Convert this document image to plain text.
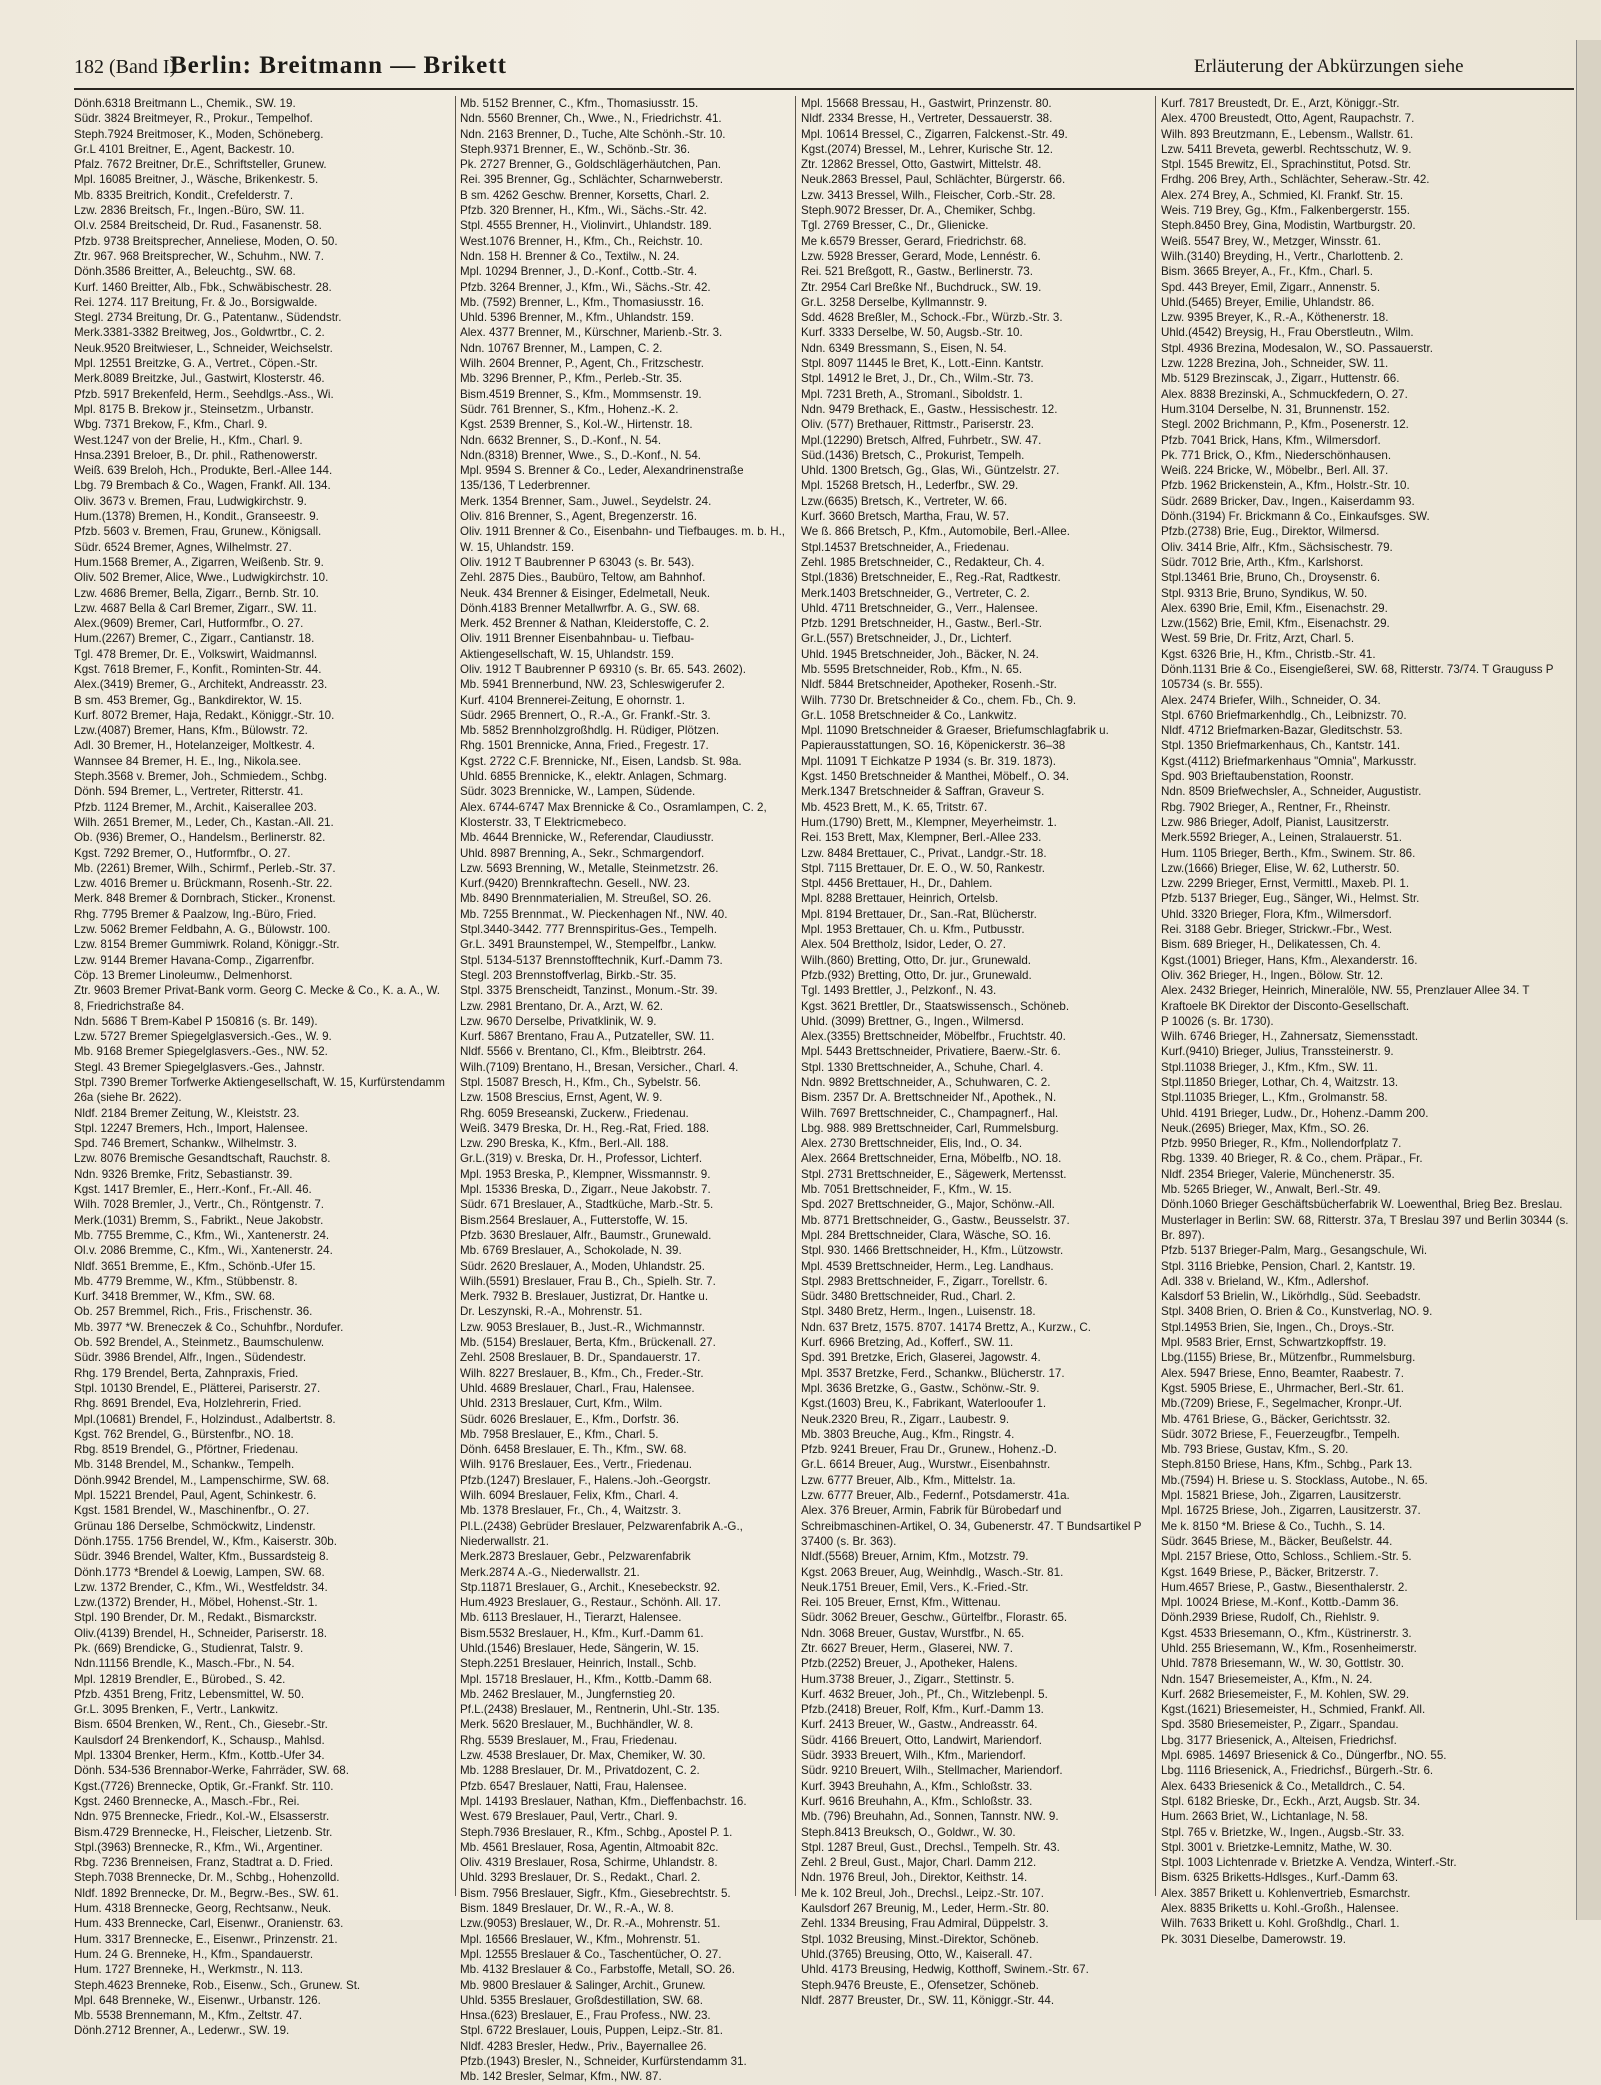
182 (Band I)
Berlin: Breitmann — Brikett	Erläuterung der Abkürzungen siehe
Dönh.6318 Breitmann L., Chemik., SW. 19.
Südr. 3824 Breitmeyer, R., Prokur., Tempelhof.
Steph.7924 Breitmoser, K., Moden, Schöneberg.
Gr.L 4101 Breitner, E., Agent, Backestr. 10.
Pfalz. 7672 Breitner, Dr.E., Schriftsteller, Grunew.
Mpl. 16085 Breitner, J., Wäsche, Brikenkestr. 5.
Mb. 8335 Breitrich, Kondit., Crefelderstr. 7.
Lzw. 2836 Breitsch, Fr., Ingen.-Büro, SW. 11.
Ol.v. 2584 Breitscheid, Dr. Rud., Fasanenstr. 58.
Pfzb. 9738 Breitsprecher, Anneliese, Moden, O. 50.
Ztr. 967. 968 Breitsprecher, W., Schuhm., NW. 7.
Dönh.3586 Breitter, A., Beleuchtg., SW. 68.
Kurf. 1460 Breitter, Alb., Fbk., Schwäbischestr. 28.
Rei. 1274. 117 Breitung, Fr. & Jo., Borsigwalde.
Stegl. 2734 Breitung, Dr. G., Patentanw., Südendstr.
Merk.3381-3382 Breitweg, Jos., Goldwrtbr., C. 2.
Neuk.9520 Breitwieser, L., Schneider, Weichselstr.
Mpl. 12551 Breitzke, G. A., Vertret., Cöpen.-Str.
Merk.8089 Breitzke, Jul., Gastwirt, Klosterstr. 46.
Pfzb. 5917 Brekenfeld, Herm., Seehdlgs.-Ass., Wi.
Mpl. 8175 B. Brekow jr., Steinsetzm., Urbanstr.
Wbg. 7371 Brekow, F., Kfm., Charl. 9.
West.1247 von der Brelie, H., Kfm., Charl. 9.
Hnsa.2391 Breloer, B., Dr. phil., Rathenowerstr.
Weiß. 639 Breloh, Hch., Produkte, Berl.-Allee 144.
Lbg. 79 Brembach & Co., Wagen, Frankf. All. 134.
Oliv. 3673 v. Bremen, Frau, Ludwigkirchstr. 9.
Hum.(1378) Bremen, H., Kondit., Granseestr. 9.
Pfzb. 5603 v. Bremen, Frau, Grunew., Königsall.
Südr. 6524 Bremer, Agnes, Wilhelmstr. 27.
Hum.1568 Bremer, A., Zigarren, Weißenb. Str. 9.
Oliv. 502 Bremer, Alice, Wwe., Ludwigkirchstr. 10.
Lzw. 4686 Bremer, Bella, Zigarr., Bernb. Str. 10.
Lzw. 4687 Bella & Carl Bremer, Zigarr., SW. 11.
Alex.(9609) Bremer, Carl, Hutformfbr., O. 27.
Hum.(2267) Bremer, C., Zigarr., Cantianstr. 18.
Tgl. 478 Bremer, Dr. E., Volkswirt, Waidmannsl.
Kgst. 7618 Bremer, F., Konfit., Rominten-Str. 44.
Alex.(3419) Bremer, G., Architekt, Andreasstr. 23.
B sm. 453 Bremer, Gg., Bankdirektor, W. 15.
Kurf. 8072 Bremer, Haja, Redakt., Königgr.-Str. 10.
Lzw.(4087) Bremer, Hans, Kfm., Bülowstr. 72.
Adl. 30 Bremer, H., Hotelanzeiger, Moltkestr. 4.
Wannsee 84 Bremer, H. E., Ing., Nikola.see.
Steph.3568 v. Bremer, Joh., Schmiedem., Schbg.
Dönh. 594 Bremer, L., Vertreter, Ritterstr. 41.
Pfzb. 1124 Bremer, M., Archit., Kaiserallee 203.
Wilh. 2651 Bremer, M., Leder, Ch., Kastan.-All. 21.
Ob. (936) Bremer, O., Handelsm., Berlinerstr. 82.
Kgst. 7292 Bremer, O., Hutformfbr., O. 27.
Mb. (2261) Bremer, Wilh., Schirmf., Perleb.-Str. 37.
Lzw. 4016 Bremer u. Brückmann, Rosenh.-Str. 22.
Merk. 848 Bremer & Dornbrach, Sticker., Kronenst.
Rhg. 7795 Bremer & Paalzow, Ing.-Büro, Fried.
Lzw. 5062 Bremer Feldbahn, A. G., Bülowstr. 100.
Lzw. 8154 Bremer Gummiwrk. Roland, Königgr.-Str.
Lzw. 9144 Bremer Havana-Comp., Zigarrenfbr.
Cöp. 13 Bremer Linoleumw., Delmenhorst.
Ztr. 9603 Bremer Privat-Bank vorm. Georg C. Mecke & Co., K. a. A., W. 8, Friedrichstraße 84.
Ndn. 5686 T Brem-Kabel P 150816 (s. Br. 149).
Lzw. 5727 Bremer Spiegelglasversich.-Ges., W. 9.
Mb. 9168 Bremer Spiegelglasvers.-Ges., NW. 52.
Stegl. 43 Bremer Spiegelglasvers.-Ges., Jahnstr.
Stpl. 7390 Bremer Torfwerke Aktiengesellschaft, W. 15, Kurfürstendamm 26a (siehe Br. 2622).
Nldf. 2184 Bremer Zeitung, W., Kleiststr. 23.
Stpl. 12247 Bremers, Hch., Import, Halensee.
Spd. 746 Bremert, Schankw., Wilhelmstr. 3.
Lzw. 8076 Bremische Gesandtschaft, Rauchstr. 8.
Ndn. 9326 Bremke, Fritz, Sebastianstr. 39.
Kgst. 1417 Bremler, E., Herr.-Konf., Fr.-All. 46.
Wilh. 7028 Bremler, J., Vertr., Ch., Röntgenstr. 7.
Merk.(1031) Bremm, S., Fabrikt., Neue Jakobstr.
Mb. 7755 Bremme, C., Kfm., Wi., Xantenerstr. 24.
Ol.v. 2086 Bremme, C., Kfm., Wi., Xantenerstr. 24.
Nldf. 3651 Bremme, E., Kfm., Schönb.-Ufer 15.
Mb. 4779 Bremme, W., Kfm., Stübbenstr. 8.
Kurf. 3418 Bremmer, W., Kfm., SW. 68.
Ob. 257 Bremmel, Rich., Fris., Frischenstr. 36.
Mb. 3977 *W. Breneczek & Co., Schuhfbr., Nordufer.
Ob. 592 Brendel, A., Steinmetz., Baumschulenw.
Südr. 3986 Brendel, Alfr., Ingen., Südendestr.
Rhg. 179 Brendel, Berta, Zahnpraxis, Fried.
Stpl. 10130 Brendel, E., Plätterei, Pariserstr. 27.
Rhg. 8691 Brendel, Eva, Holzlehrerin, Fried.
Mpl.(10681) Brendel, F., Holzindust., Adalbertstr. 8.
Kgst. 762 Brendel, G., Bürstenfbr., NO. 18.
Rbg. 8519 Brendel, G., Pförtner, Friedenau.
Mb. 3148 Brendel, M., Schankw., Tempelh.
Dönh.9942 Brendel, M., Lampenschirme, SW. 68.
Mpl. 15221 Brendel, Paul, Agent, Schinkestr. 6.
Kgst. 1581 Brendel, W., Maschinenfbr., O. 27.
Grünau 186 Derselbe, Schmöckwitz, Lindenstr.
Dönh.1755. 1756 Brendel, W., Kfm., Kaiserstr. 30b.
Südr. 3946 Brendel, Walter, Kfm., Bussardsteig 8.
Dönh.1773 *Brendel & Loewig, Lampen, SW. 68.
Lzw. 1372 Brender, C., Kfm., Wi., Westfeldstr. 34.
Lzw.(1372) Brender, H., Möbel, Hohenst.-Str. 1.
Stpl. 190 Brender, Dr. M., Redakt., Bismarckstr.
Oliv.(4139) Brendel, H., Schneider, Pariserstr. 18.
Pk. (669) Brendicke, G., Studienrat, Talstr. 9.
Ndn.11156 Brendle, K., Masch.-Fbr., N. 54.
Mpl. 12819 Brendler, E., Bürobed., S. 42.
Pfzb. 4351 Breng, Fritz, Lebensmittel, W. 50.
Gr.L. 3095 Brenken, F., Vertr., Lankwitz.
Bism. 6504 Brenken, W., Rent., Ch., Giesebr.-Str.
Kaulsdorf 24 Brenkendorf, K., Schausp., Mahlsd.
Mpl. 13304 Brenker, Herm., Kfm., Kottb.-Ufer 34.
Dönh. 534-536 Brennabor-Werke, Fahrräder, SW. 68.
Kgst.(7726) Brennecke, Optik, Gr.-Frankf. Str. 110.
Kgst. 2460 Brennecke, A., Masch.-Fbr., Rei.
Ndn. 975 Brennecke, Friedr., Kol.-W., Elsasserstr.
Bism.4729 Brennecke, H., Fleischer, Lietzenb. Str.
Stpl.(3963) Brennecke, R., Kfm., Wi., Argentiner.
Rbg. 7236 Brenneisen, Franz, Stadtrat a. D. Fried.
Steph.7038 Brennecke, Dr. M., Schbg., Hohenzolld.
Nldf. 1892 Brennecke, Dr. M., Begrw.-Bes., SW. 61.
Hum. 4318 Brennecke, Georg, Rechtsanw., Neuk.
Hum. 433 Brennecke, Carl, Eisenwr., Oranienstr. 63.
Hum. 3317 Brennecke, E., Eisenwr., Prinzenstr. 21.
Hum. 24 G. Brenneke, H., Kfm., Spandauerstr.
Hum. 1727 Brenneke, H., Werkmstr., N. 113.
Steph.4623 Brenneke, Rob., Eisenw., Sch., Grunew. St.
Mpl. 648 Brenneke, W., Eisenwr., Urbanstr. 126.
Mb. 5538 Brennemann, M., Kfm., Zeltstr. 47.
Dönh.2712 Brenner, A., Lederwr., SW. 19.
Mb. 5152 Brenner, C., Kfm., Thomasiusstr. 15.
Ndn. 5560 Brenner, Ch., Wwe., N., Friedrichstr. 41.
Ndn. 2163 Brenner, D., Tuche, Alte Schönh.-Str. 10.
Steph.9371 Brenner, E., W., Schönb.-Str. 36.
Pk. 2727 Brenner, G., Goldschlägerhäutchen, Pan.
Rei. 395 Brenner, Gg., Schlächter, Scharnweberstr.
B sm. 4262 Geschw. Brenner, Korsetts, Charl. 2.
Pfzb. 320 Brenner, H., Kfm., Wi., Sächs.-Str. 42.
Stpl. 4555 Brenner, H., Violinvirt., Uhlandstr. 189.
West.1076 Brenner, H., Kfm., Ch., Reichstr. 10.
Ndn. 158 H. Brenner & Co., Textilw., N. 24.
Mpl. 10294 Brenner, J., D.-Konf., Cottb.-Str. 4.
Pfzb. 3264 Brenner, J., Kfm., Wi., Sächs.-Str. 42.
Mb. (7592) Brenner, L., Kfm., Thomasiusstr. 16.
Uhld. 5396 Brenner, M., Kfm., Uhlandstr. 159.
Alex. 4377 Brenner, M., Kürschner, Marienb.-Str. 3.
Ndn. 10767 Brenner, M., Lampen, C. 2.
Wilh. 2604 Brenner, P., Agent, Ch., Fritzschestr.
Mb. 3296 Brenner, P., Kfm., Perleb.-Str. 35.
Bism.4519 Brenner, S., Kfm., Mommsenstr. 19.
Südr. 761 Brenner, S., Kfm., Hohenz.-K. 2.
Kgst. 2539 Brenner, S., Kol.-W., Hirtenstr. 18.
Ndn. 6632 Brenner, S., D.-Konf., N. 54.
Ndn.(8318) Brenner, Wwe., S., D.-Konf., N. 54.
Mpl. 9594 S. Brenner & Co., Leder, Alexandrinenstraße 135/136, T Lederbrenner.
Merk. 1354 Brenner, Sam., Juwel., Seydelstr. 24.
Oliv. 816 Brenner, S., Agent, Bregenzerstr. 16.
Oliv. 1911 Brenner & Co., Eisenbahn- und Tiefbauges. m. b. H., W. 15, Uhlandstr. 159.
Oliv. 1912 T Baubrenner P 63043 (s. Br. 543).
Zehl. 2875 Dies., Baubüro, Teltow, am Bahnhof.
Neuk. 434 Brenner & Eisinger, Edelmetall, Neuk.
Dönh.4183 Brenner Metallwrfbr. A. G., SW. 68.
Merk. 452 Brenner & Nathan, Kleiderstoffe, C. 2.
Oliv. 1911 Brenner Eisenbahnbau- u. Tiefbau-Aktiengesellschaft, W. 15, Uhlandstr. 159.
Oliv. 1912 T Baubrenner P 69310 (s. Br. 65. 543. 2602).
Mb. 5941 Brennerbund, NW. 23, Schleswigerufer 2.
Kurf. 4104 Brennerei-Zeitung, E ohornstr. 1.
Südr. 2965 Brennert, O., R.-A., Gr. Frankf.-Str. 3.
Mb. 5852 Brennholzgroßhdlg. H. Rüdiger, Plötzen.
Rhg. 1501 Brennicke, Anna, Fried., Fregestr. 17.
Kgst. 2722 C.F. Brennicke, Nf., Eisen, Landsb. St. 98a.
Uhld. 6855 Brennicke, K., elektr. Anlagen, Schmarg.
Südr. 3023 Brennicke, W., Lampen, Südende.
Alex. 6744-6747 Max Brennicke & Co., Osramlampen, C. 2, Klosterstr. 33, T Elektricmebeco.
Mb. 4644 Brennicke, W., Referendar, Claudiusstr.
Uhld. 8987 Brenning, A., Sekr., Schmargendorf.
Lzw. 5693 Brenning, W., Metalle, Steinmetzstr. 26.
Kurf.(9420) Brennkraftechn. Gesell., NW. 23.
Mb. 8490 Brennmaterialien, M. Streußel, SO. 26.
Mb. 7255 Brennmat., W. Pieckenhagen Nf., NW. 40.
Stpl.3440-3442. 777 Brennspiritus-Ges., Tempelh.
Gr.L. 3491 Braunstempel, W., Stempelfbr., Lankw.
Stpl. 5134-5137 Brennstofftechnik, Kurf.-Damm 73.
Stegl. 203 Brennstoffverlag, Birkb.-Str. 35.
Stpl. 3375 Brenscheidt, Tanzinst., Monum.-Str. 39.
Lzw. 2981 Brentano, Dr. A., Arzt, W. 62.
Lzw. 9670 Derselbe, Privatklinik, W. 9.
Kurf. 5867 Brentano, Frau A., Putzateller, SW. 11.
Nldf. 5566 v. Brentano, Cl., Kfm., Bleibtrstr. 264.
Wilh.(7109) Brentano, H., Bresan, Versicher., Charl. 4.
Stpl. 15087 Bresch, H., Kfm., Ch., Sybelstr. 56.
Lzw. 1508 Brescius, Ernst, Agent, W. 9.
Rhg. 6059 Breseanski, Zuckerw., Friedenau.
Weiß. 3479 Breska, Dr. H., Reg.-Rat, Fried. 188.
Lzw. 290 Breska, K., Kfm., Berl.-All. 188.
Gr.L.(319) v. Breska, Dr. H., Professor, Lichterf.
Mpl. 1953 Breska, P., Klempner, Wissmannstr. 9.
Mpl. 15336 Breska, D., Zigarr., Neue Jakobstr. 7.
Südr. 671 Breslauer, A., Stadtküche, Marb.-Str. 5.
Bism.2564 Breslauer, A., Futterstoffe, W. 15.
Pfzb. 3630 Breslauer, Alfr., Baumstr., Grunewald.
Mb. 6769 Breslauer, A., Schokolade, N. 39.
Südr. 2620 Breslauer, A., Moden, Uhlandstr. 25.
Wilh.(5591) Breslauer, Frau B., Ch., Spielh. Str. 7.
Merk. 7932 B. Breslauer, Justizrat, Dr. Hantke u.
Dr. Leszynski, R.-A., Mohrenstr. 51.
Lzw. 9053 Breslauer, B., Just.-R., Wichmannstr.
Mb. (5154) Breslauer, Berta, Kfm., Brückenall. 27.
Zehl. 2508 Breslauer, B. Dr., Spandauerstr. 17.
Wilh. 8227 Breslauer, B., Kfm., Ch., Freder.-Str.
Uhld. 4689 Breslauer, Charl., Frau, Halensee.
Uhld. 2313 Breslauer, Curt, Kfm., Wilm.
Südr. 6026 Breslauer, E., Kfm., Dorfstr. 36.
Mb. 7958 Breslauer, E., Kfm., Charl. 5.
Dönh. 6458 Breslauer, E. Th., Kfm., SW. 68.
Wilh. 9176 Breslauer, Ees., Vertr., Friedenau.
Pfzb.(1247) Breslauer, F., Halens.-Joh.-Georgstr.
Wilh. 6094 Breslauer, Felix, Kfm., Charl. 4.
Mb. 1378 Breslauer, Fr., Ch., 4, Waitzstr. 3.
Pl.L.(2438) Gebrüder Breslauer, Pelzwarenfabrik A.-G., Niederwallstr. 21.
Merk.2873 Breslauer, Gebr., Pelzwarenfabrik
Merk.2874 A.-G., Niederwallstr. 21.
Stp.11871 Breslauer, G., Archit., Knesebeckstr. 92.
Hum.4923 Breslauer, G., Restaur., Schönh. All. 17.
Mb. 6113 Breslauer, H., Tierarzt, Halensee.
Bism.5532 Breslauer, H., Kfm., Kurf.-Damm 61.
Uhld.(1546) Breslauer, Hede, Sängerin, W. 15.
Steph.2251 Breslauer, Heinrich, Install., Schb.
Mpl. 15718 Breslauer, H., Kfm., Kottb.-Damm 68.
Mb. 2462 Breslauer, M., Jungfernstieg 20.
Pf.L.(2438) Breslauer, M., Rentnerin, Uhl.-Str. 135.
Merk. 5620 Breslauer, M., Buchhändler, W. 8.
Rhg. 5539 Breslauer, M., Frau, Friedenau.
Lzw. 4538 Breslauer, Dr. Max, Chemiker, W. 30.
Mb. 1288 Breslauer, Dr. M., Privatdozent, C. 2.
Pfzb. 6547 Breslauer, Natti, Frau, Halensee.
Mpl. 14193 Breslauer, Nathan, Kfm., Dieffenbachstr. 16.
West. 679 Breslauer, Paul, Vertr., Charl. 9.
Steph.7936 Breslauer, R., Kfm., Schbg., Apostel P. 1.
Mb. 4561 Breslauer, Rosa, Agentin, Altmoabit 82c.
Oliv. 4319 Breslauer, Rosa, Schirme, Uhlandstr. 8.
Uhld. 3293 Breslauer, Dr. S., Redakt., Charl. 2.
Bism. 7956 Breslauer, Sigfr., Kfm., Giesebrechtstr. 5.
Bism. 1849 Breslauer, Dr. W., R.-A., W. 8.
Lzw.(9053) Breslauer, W., Dr. R.-A., Mohrenstr. 51.
Mpl. 16566 Breslauer, W., Kfm., Mohrenstr. 51.
Mpl. 12555 Breslauer & Co., Taschentücher, O. 27.
Mb. 4132 Breslauer & Co., Farbstoffe, Metall, SO. 26.
Mb. 9800 Breslauer & Salinger, Archit., Grunew.
Uhld. 5355 Breslauer, Großdestillation, SW. 68.
Hnsa.(623) Breslauer, E., Frau Profess., NW. 23.
Stpl. 6722 Breslauer, Louis, Puppen, Leipz.-Str. 81.
Nldf. 4283 Bresler, Hedw., Priv., Bayernallee 26.
Pfzb.(1943) Bresler, N., Schneider, Kurfürstendamm 31.
Mb. 142 Bresler, Selmar, Kfm., NW. 87.
Mpl. 15668 Bressau, H., Gastwirt, Prinzenstr. 80.
Nldf. 2334 Bresse, H., Vertreter, Dessauerstr. 38.
Mpl. 10614 Bressel, C., Zigarren, Falckenst.-Str. 49.
Kgst.(2074) Bressel, M., Lehrer, Kurische Str. 12.
Ztr. 12862 Bressel, Otto, Gastwirt, Mittelstr. 48.
Neuk.2863 Bressel, Paul, Schlächter, Bürgerstr. 66.
Lzw. 3413 Bressel, Wilh., Fleischer, Corb.-Str. 28.
Steph.9072 Bresser, Dr. A., Chemiker, Schbg.
Tgl. 2769 Bresser, C., Dr., Glienicke.
Me k.6579 Bresser, Gerard, Friedrichstr. 68.
Lzw. 5928 Bresser, Gerard, Mode, Lennéstr. 6.
Rei. 521 Breßgott, R., Gastw., Berlinerstr. 73.
Ztr. 2954 Carl Breßke Nf., Buchdruck., SW. 19.
Gr.L. 3258 Derselbe, Kyllmannstr. 9.
Sdd. 4628 Breßler, M., Schock.-Fbr., Würzb.-Str. 3.
Kurf. 3333 Derselbe, W. 50, Augsb.-Str. 10.
Ndn. 6349 Bressmann, S., Eisen, N. 54.
Stpl. 8097 11445 le Bret, K., Lott.-Einn. Kantstr.
Stpl. 14912 le Bret, J., Dr., Ch., Wilm.-Str. 73.
Mpl. 7231 Breth, A., Stromanl., Siboldstr. 1.
Ndn. 9479 Brethack, E., Gastw., Hessischestr. 12.
Oliv. (577) Brethauer, Rittmstr., Pariserstr. 23.
Mpl.(12290) Bretsch, Alfred, Fuhrbetr., SW. 47.
Süd.(1436) Bretsch, C., Prokurist, Tempelh.
Uhld. 1300 Bretsch, Gg., Glas, Wi., Güntzelstr. 27.
Mpl. 15268 Bretsch, H., Lederfbr., SW. 29.
Lzw.(6635) Bretsch, K., Vertreter, W. 66.
Kurf. 3660 Bretsch, Martha, Frau, W. 57.
We ß. 866 Bretsch, P., Kfm., Automobile, Berl.-Allee.
Stpl.14537 Bretschneider, A., Friedenau.
Zehl. 1985 Bretschneider, C., Redakteur, Ch. 4.
Stpl.(1836) Bretschneider, E., Reg.-Rat, Radtkestr.
Merk.1403 Bretschneider, G., Vertreter, C. 2.
Uhld. 4711 Bretschneider, G., Verr., Halensee.
Pfzb. 1291 Bretschneider, H., Gastw., Berl.-Str.
Gr.L.(557) Bretschneider, J., Dr., Lichterf.
Uhld. 1945 Bretschneider, Joh., Bäcker, N. 24.
Mb. 5595 Bretschneider, Rob., Kfm., N. 65.
Nldf. 5844 Bretschneider, Apotheker, Rosenh.-Str.
Wilh. 7730 Dr. Bretschneider & Co., chem. Fb., Ch. 9.
Gr.L. 1058 Bretschneider & Co., Lankwitz.
Mpl. 11090 Bretschneider & Graeser, Briefumschlagfabrik u. Papierausstattungen, SO. 16, Köpenickerstr. 36–38
Mpl. 11091 T Eichkatze P 1934 (s. Br. 319. 1873).
Kgst. 1450 Bretschneider & Manthei, Möbelf., O. 34.
Merk.1347 Bretschneider & Saffran, Graveur S.
Mb. 4523 Brett, M., K. 65, Tritstr. 67.
Hum.(1790) Brett, M., Klempner, Meyerheimstr. 1.
Rei. 153 Brett, Max, Klempner, Berl.-Allee 233.
Lzw. 8484 Brettauer, C., Privat., Landgr.-Str. 18.
Stpl. 7115 Brettauer, Dr. E. O., W. 50, Rankestr.
Stpl. 4456 Brettauer, H., Dr., Dahlem.
Mpl. 8288 Brettauer, Heinrich, Ortelsb.
Mpl. 8194 Brettauer, Dr., San.-Rat, Blücherstr.
Mpl. 1953 Brettauer, Ch. u. Kfm., Putbusstr.
Alex. 504 Brettholz, Isidor, Leder, O. 27.
Wilh.(860) Bretting, Otto, Dr. jur., Grunewald.
Pfzb.(932) Bretting, Otto, Dr. jur., Grunewald.
Tgl. 1493 Brettler, J., Pelzkonf., N. 43.
Kgst. 3621 Brettler, Dr., Staatswissensch., Schöneb.
Uhld. (3099) Brettner, G., Ingen., Wilmersd.
Alex.(3355) Brettschneider, Möbelfbr., Fruchtstr. 40.
Mpl. 5443 Brettschneider, Privatiere, Baerw.-Str. 6.
Stpl. 1330 Brettschneider, A., Schuhe, Charl. 4.
Ndn. 9892 Brettschneider, A., Schuhwaren, C. 2.
Bism. 2357 Dr. A. Brettschneider Nf., Apothek., N.
Wilh. 7697 Brettschneider, C., Champagnerf., Hal.
Lbg. 988. 989 Brettschneider, Carl, Rummelsburg.
Alex. 2730 Brettschneider, Elis, Ind., O. 34.
Alex. 2664 Brettschneider, Erna, Möbelfb., NO. 18.
Stpl. 2731 Brettschneider, E., Sägewerk, Mertensst.
Mb. 7051 Brettschneider, F., Kfm., W. 15.
Spd. 2027 Brettschneider, G., Major, Schönw.-All.
Mb. 8771 Brettschneider, G., Gastw., Beusselstr. 37.
Mpl. 284 Brettschneider, Clara, Wäsche, SO. 16.
Stpl. 930. 1466 Brettschneider, H., Kfm., Lützowstr.
Mpl. 4539 Brettschneider, Herm., Leg. Landhaus.
Stpl. 2983 Brettschneider, F., Zigarr., Torellstr. 6.
Südr. 3480 Brettschneider, Rud., Charl. 2.
Stpl. 3480 Bretz, Herm., Ingen., Luisenstr. 18.
Ndn. 637 Bretz, 1575. 8707. 14174 Brettz, A., Kurzw., C.
Kurf. 6966 Bretzing, Ad., Kofferf., SW. 11.
Spd. 391 Bretzke, Erich, Glaserei, Jagowstr. 4.
Mpl. 3537 Bretzke, Ferd., Schankw., Blücherstr. 17.
Mpl. 3636 Bretzke, G., Gastw., Schönw.-Str. 9.
Kgst.(1603) Breu, K., Fabrikant, Waterlooufer 1.
Neuk.2320 Breu, R., Zigarr., Laubestr. 9.
Mb. 3803 Breuche, Aug., Kfm., Ringstr. 4.
Pfzb. 9241 Breuer, Frau Dr., Grunew., Hohenz.-D.
Gr.L. 6614 Breuer, Aug., Wurstwr., Eisenbahnstr.
Lzw. 6777 Breuer, Alb., Kfm., Mittelstr. 1a.
Lzw. 6777 Breuer, Alb., Federnf., Potsdamerstr. 41a.
Alex. 376 Breuer, Armin, Fabrik für Bürobedarf und Schreibmaschinen-Artikel, O. 34, Gubenerstr. 47. T Bundsartikel P 37400 (s. Br. 363).
Nldf.(5568) Breuer, Arnim, Kfm., Motzstr. 79.
Kgst. 2063 Breuer, Aug, Weinhdlg., Wasch.-Str. 81.
Neuk.1751 Breuer, Emil, Vers., K.-Fried.-Str.
Rei. 105 Breuer, Ernst, Kfm., Wittenau.
Südr. 3062 Breuer, Geschw., Gürtelfbr., Florastr. 65.
Ndn. 3068 Breuer, Gustav, Wurstfbr., N. 65.
Ztr. 6627 Breuer, Herm., Glaserei, NW. 7.
Pfzb.(2252) Breuer, J., Apotheker, Halens.
Hum.3738 Breuer, J., Zigarr., Stettinstr. 5.
Kurf. 4632 Breuer, Joh., Pf., Ch., Witzlebenpl. 5.
Pfzb.(2418) Breuer, Rolf, Kfm., Kurf.-Damm 13.
Kurf. 2413 Breuer, W., Gastw., Andreasstr. 64.
Südr. 4166 Breuert, Otto, Landwirt, Mariendorf.
Südr. 3933 Breuert, Wilh., Kfm., Mariendorf.
Südr. 9210 Breuert, Wilh., Stellmacher, Mariendorf.
Kurf. 3943 Breuhahn, A., Kfm., Schloßstr. 33.
Kurf. 9616 Breuhahn, A., Kfm., Schloßstr. 33.
Mb. (796) Breuhahn, Ad., Sonnen, Tannstr. NW. 9.
Steph.8413 Breuksch, O., Goldwr., W. 30.
Stpl. 1287 Breul, Gust., Drechsl., Tempelh. Str. 43.
Zehl. 2 Breul, Gust., Major, Charl. Damm 212.
Ndn. 1976 Breul, Joh., Direktor, Keithstr. 14.
Me k. 102 Breul, Joh., Drechsl., Leipz.-Str. 107.
Kaulsdorf 267 Breunig, M., Leder, Herm.-Str. 80.
Zehl. 1334 Breusing, Frau Admiral, Düppelstr. 3.
Stpl. 1032 Breusing, Minst.-Direktor, Schöneb.
Uhld.(3765) Breusing, Otto, W., Kaiserall. 47.
Uhld. 4173 Breusing, Hedwig, Kotthoff, Swinem.-Str. 67.
Steph.9476 Breuste, E., Ofensetzer, Schöneb.
Nldf. 2877 Breuster, Dr., SW. 11, Königgr.-Str. 44.
Kurf. 7817 Breustedt, Dr. E., Arzt, Königgr.-Str.
Alex. 4700 Breustedt, Otto, Agent, Raupachstr. 7.
Wilh. 893 Breutzmann, E., Lebensm., Wallstr. 61.
Lzw. 5411 Breveta, gewerbl. Rechtsschutz, W. 9.
Stpl. 1545 Brewitz, El., Sprachinstitut, Potsd. Str.
Frdhg. 206 Brey, Arth., Schlächter, Seheraw.-Str. 42.
Alex. 274 Brey, A., Schmied, Kl. Frankf. Str. 15.
Weis. 719 Brey, Gg., Kfm., Falkenbergerstr. 155.
Steph.8450 Brey, Gina, Modistin, Wartburgstr. 20.
Weiß. 5547 Brey, W., Metzger, Winsstr. 61.
Wilh.(3140) Breyding, H., Vertr., Charlottenb. 2.
Bism. 3665 Breyer, A., Fr., Kfm., Charl. 5.
Spd. 443 Breyer, Emil, Zigarr., Annenstr. 5.
Uhld.(5465) Breyer, Emilie, Uhlandstr. 86.
Lzw. 9395 Breyer, K., R.-A., Köthenerstr. 18.
Uhld.(4542) Breysig, H., Frau Oberstleutn., Wilm.
Stpl. 4936 Brezina, Modesalon, W., SO. Passauerstr.
Lzw. 1228 Brezina, Joh., Schneider, SW. 11.
Mb. 5129 Brezinscak, J., Zigarr., Huttenstr. 66.
Alex. 8838 Brezinski, A., Schmuckfedern, O. 27.
Hum.3104 Derselbe, N. 31, Brunnenstr. 152.
Stegl. 2002 Brichmann, P., Kfm., Posenerstr. 12.
Pfzb. 7041 Brick, Hans, Kfm., Wilmersdorf.
Pk. 771 Brick, O., Kfm., Niederschönhausen.
Weiß. 224 Bricke, W., Möbelbr., Berl. All. 37.
Pfzb. 1962 Brickenstein, A., Kfm., Holstr.-Str. 10.
Südr. 2689 Bricker, Dav., Ingen., Kaiserdamm 93.
Dönh.(3194) Fr. Brickmann & Co., Einkaufsges. SW.
Pfzb.(2738) Brie, Eug., Direktor, Wilmersd.
Oliv. 3414 Brie, Alfr., Kfm., Sächsischestr. 79.
Südr. 7012 Brie, Arth., Kfm., Karlshorst.
Stpl.13461 Brie, Bruno, Ch., Droysenstr. 6.
Stpl. 9313 Brie, Bruno, Syndikus, W. 50.
Alex. 6390 Brie, Emil, Kfm., Eisenachstr. 29.
Lzw.(1562) Brie, Emil, Kfm., Eisenachstr. 29.
West. 59 Brie, Dr. Fritz, Arzt, Charl. 5.
Kgst. 6326 Brie, H., Kfm., Christb.-Str. 41.
Dönh.1131 Brie & Co., Eisengießerei, SW. 68, Ritterstr. 73/74. T Grauguss P 105734 (s. Br. 555).
Alex. 2474 Briefer, Wilh., Schneider, O. 34.
Stpl. 6760 Briefmarkenhdlg., Ch., Leibnizstr. 70.
Nldf. 4712 Briefmarken-Bazar, Gleditschstr. 53.
Stpl. 1350 Briefmarkenhaus, Ch., Kantstr. 141.
Kgst.(4112) Briefmarkenhaus "Omnia", Markusstr.
Spd. 903 Brieftaubenstation, Roonstr.
Ndn. 8509 Briefwechsler, A., Schneider, Augustistr.
Rbg. 7902 Brieger, A., Rentner, Fr., Rheinstr.
Lzw. 986 Brieger, Adolf, Pianist, Lausitzerstr.
Merk.5592 Brieger, A., Leinen, Stralauerstr. 51.
Hum. 1105 Brieger, Berth., Kfm., Swinem. Str. 86.
Lzw.(1666) Brieger, Elise, W. 62, Lutherstr. 50.
Lzw. 2299 Brieger, Ernst, Vermittl., Maxeb. Pl. 1.
Pfzb. 5137 Brieger, Eug., Sänger, Wi., Helmst. Str.
Uhld. 3320 Brieger, Flora, Kfm., Wilmersdorf.
Rei. 3188 Gebr. Brieger, Strickwr.-Fbr., West.
Bism. 689 Brieger, H., Delikatessen, Ch. 4.
Kgst.(1001) Brieger, Hans, Kfm., Alexanderstr. 16.
Oliv. 362 Brieger, H., Ingen., Bölow. Str. 12.
Alex. 2432 Brieger, Heinrich, Mineralöle, NW. 55, Prenzlauer Allee 34. T Kraftoele BK Direktor der Disconto-Gesellschaft.
P 10026 (s. Br. 1730).
Wilh. 6746 Brieger, H., Zahnersatz, Siemensstadt.
Kurf.(9410) Brieger, Julius, Transsteinerstr. 9.
Stpl.11038 Brieger, J., Kfm., Kfm., SW. 11.
Stpl.11850 Brieger, Lothar, Ch. 4, Waitzstr. 13.
Stpl.11035 Brieger, L., Kfm., Grolmanstr. 58.
Uhld. 4191 Brieger, Ludw., Dr., Hohenz.-Damm 200.
Neuk.(2695) Brieger, Max, Kfm., SO. 26.
Pfzb. 9950 Brieger, R., Kfm., Nollendorfplatz 7.
Rbg. 1339. 40 Brieger, R. & Co., chem. Präpar., Fr.
Nldf. 2354 Brieger, Valerie, Münchenerstr. 35.
Mb. 5265 Brieger, W., Anwalt, Berl.-Str. 49.
Dönh.1060 Brieger Geschäftsbücherfabrik W. Loewenthal, Brieg Bez. Breslau. Musterlager in Berlin: SW. 68, Ritterstr. 37a, T Breslau 397 und Berlin 30344 (s. Br. 897).
Pfzb. 5137 Brieger-Palm, Marg., Gesangschule, Wi.
Stpl. 3116 Briebke, Pension, Charl. 2, Kantstr. 19.
Adl. 338 v. Brieland, W., Kfm., Adlershof.
Kalsdorf 53 Brielin, W., Likörhdlg., Süd. Seebadstr.
Stpl. 3408 Brien, O. Brien & Co., Kunstverlag, NO. 9.
Stpl.14953 Brien, Sie, Ingen., Ch., Droys.-Str.
Mpl. 9583 Brier, Ernst, Schwartzkopffstr. 19.
Lbg.(1155) Briese, Br., Mützenfbr., Rummelsburg.
Alex. 5947 Briese, Enno, Beamter, Raabestr. 7.
Kgst. 5905 Briese, E., Uhrmacher, Berl.-Str. 61.
Mb.(7209) Briese, F., Segelmacher, Kronpr.-Uf.
Mb. 4761 Briese, G., Bäcker, Gerichtsstr. 32.
Südr. 3072 Briese, F., Feuerzeugfbr., Tempelh.
Mb. 793 Briese, Gustav, Kfm., S. 20.
Steph.8150 Briese, Hans, Kfm., Schbg., Park 13.
Mb.(7594) H. Briese u. S. Stocklass, Autobe., N. 65.
Mpl. 15821 Briese, Joh., Zigarren, Lausitzerstr.
Mpl. 16725 Briese, Joh., Zigarren, Lausitzerstr. 37.
Me k. 8150 *M. Briese & Co., Tuchh., S. 14.
Südr. 3645 Briese, M., Bäcker, Beußelstr. 44.
Mpl. 2157 Briese, Otto, Schloss., Schliem.-Str. 5.
Kgst. 1649 Briese, P., Bäcker, Britzerstr. 7.
Hum.4657 Briese, P., Gastw., Biesenthalerstr. 2.
Mpl. 10024 Briese, M.-Konf., Kottb.-Damm 36.
Dönh.2939 Briese, Rudolf, Ch., Riehlstr. 9.
Kgst. 4533 Briesemann, O., Kfm., Küstrinerstr. 3.
Uhld. 255 Briesemann, W., Kfm., Rosenheimerstr.
Uhld. 7878 Briesemann, W., W. 30, Gottlstr. 30.
Ndn. 1547 Briesemeister, A., Kfm., N. 24.
Kurf. 2682 Briesemeister, F., M. Kohlen, SW. 29.
Kgst.(1621) Briesemeister, H., Schmied, Frankf. All.
Spd. 3580 Briesemeister, P., Zigarr., Spandau.
Lbg. 3177 Briesenick, A., Alteisen, Friedrichsf.
Mpl. 6985. 14697 Briesenick & Co., Düngerfbr., NO. 55.
Lbg. 1116 Briesenick, A., Friedrichsf., Bürgerh.-Str. 6.
Alex. 6433 Briesenick & Co., Metalldrch., C. 54.
Stpl. 6182 Brieske, Dr., Eckh., Arzt, Augsb. Str. 34.
Hum. 2663 Briet, W., Lichtanlage, N. 58.
Stpl. 765 v. Brietzke, W., Ingen., Augsb.-Str. 33.
Stpl. 3001 v. Brietzke-Lemnitz, Mathe, W. 30.
Stpl. 1003 Lichtenrade v. Brietzke A. Vendza, Winterf.-Str.
Bism. 6325 Briketts-Hdlsges., Kurf.-Damm 63.
Alex. 3857 Brikett u. Kohlenvertrieb, Esmarchstr.
Alex. 8835 Briketts u. Kohl.-Großh., Halensee.
Wilh. 7633 Brikett u. Kohl. Großhdlg., Charl. 1.
Pk. 3031 Dieselbe, Damerowstr. 19.
